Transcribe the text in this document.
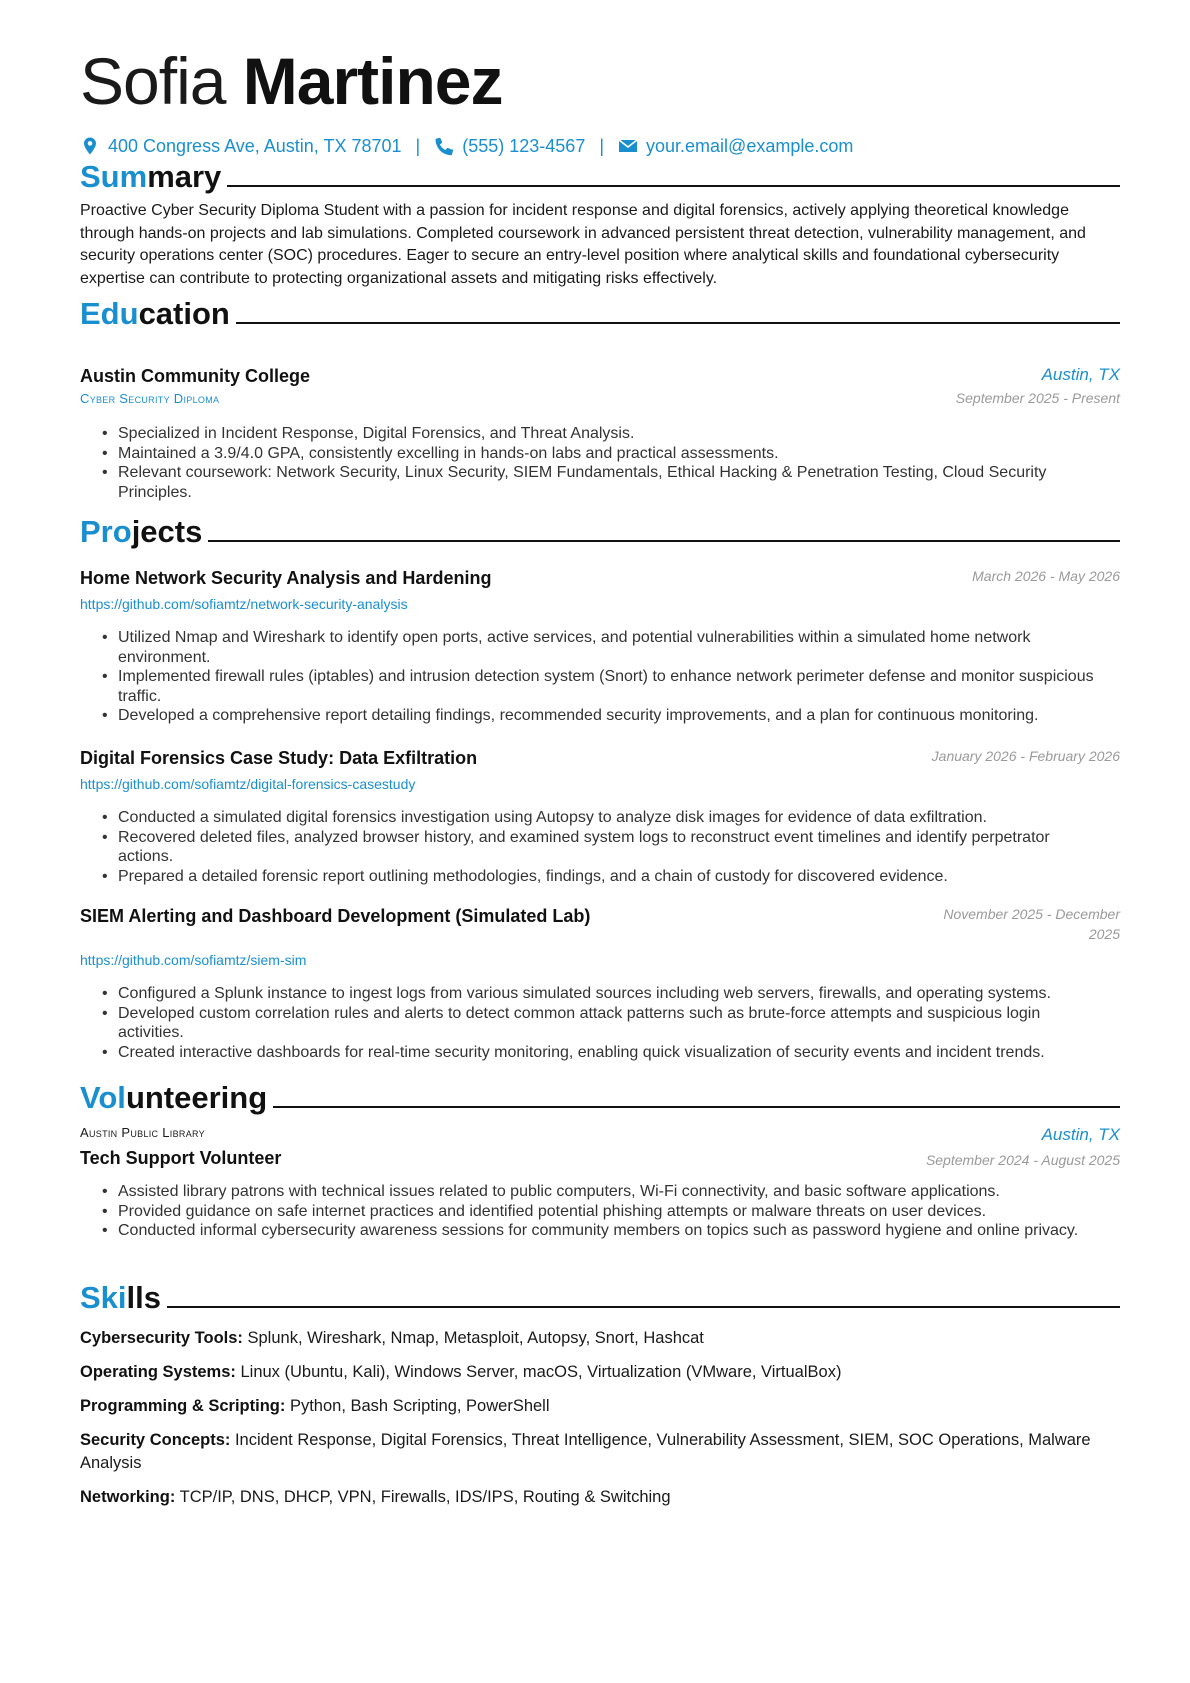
Sofia Martinez
400 Congress Ave, Austin, TX 78701 | (555) 123-4567 | your.email@example.com
Summary
Proactive Cyber Security Diploma Student with a passion for incident response and digital forensics, actively applying theoretical knowledge through hands-on projects and lab simulations. Completed coursework in advanced persistent threat detection, vulnerability management, and security operations center (SOC) procedures. Eager to secure an entry-level position where analytical skills and foundational cybersecurity expertise can contribute to protecting organizational assets and mitigating risks effectively.
Education
Austin Community College	Austin, TX
Cyber Security Diploma	September 2025 - Present
• Specialized in Incident Response, Digital Forensics, and Threat Analysis.
• Maintained a 3.9/4.0 GPA, consistently excelling in hands-on labs and practical assessments.
• Relevant coursework: Network Security, Linux Security, SIEM Fundamentals, Ethical Hacking & Penetration Testing, Cloud Security Principles.
Projects
Home Network Security Analysis and Hardening	March 2026 - May 2026
https://github.com/sofiamtz/network-security-analysis
• Utilized Nmap and Wireshark to identify open ports, active services, and potential vulnerabilities within a simulated home network environment.
• Implemented firewall rules (iptables) and intrusion detection system (Snort) to enhance network perimeter defense and monitor suspicious traffic.
• Developed a comprehensive report detailing findings, recommended security improvements, and a plan for continuous monitoring.
Digital Forensics Case Study: Data Exfiltration	January 2026 - February 2026
https://github.com/sofiamtz/digital-forensics-casestudy
• Conducted a simulated digital forensics investigation using Autopsy to analyze disk images for evidence of data exfiltration.
• Recovered deleted files, analyzed browser history, and examined system logs to reconstruct event timelines and identify perpetrator actions.
• Prepared a detailed forensic report outlining methodologies, findings, and a chain of custody for discovered evidence.
SIEM Alerting and Dashboard Development (Simulated Lab)	November 2025 - December 2025
https://github.com/sofiamtz/siem-sim
• Configured a Splunk instance to ingest logs from various simulated sources including web servers, firewalls, and operating systems.
• Developed custom correlation rules and alerts to detect common attack patterns such as brute-force attempts and suspicious login activities.
• Created interactive dashboards for real-time security monitoring, enabling quick visualization of security events and incident trends.
Volunteering
Austin Public Library	Austin, TX
Tech Support Volunteer	September 2024 - August 2025
• Assisted library patrons with technical issues related to public computers, Wi-Fi connectivity, and basic software applications.
• Provided guidance on safe internet practices and identified potential phishing attempts or malware threats on user devices.
• Conducted informal cybersecurity awareness sessions for community members on topics such as password hygiene and online privacy.
Skills
Cybersecurity Tools: Splunk, Wireshark, Nmap, Metasploit, Autopsy, Snort, Hashcat
Operating Systems: Linux (Ubuntu, Kali), Windows Server, macOS, Virtualization (VMware, VirtualBox)
Programming & Scripting: Python, Bash Scripting, PowerShell
Security Concepts: Incident Response, Digital Forensics, Threat Intelligence, Vulnerability Assessment, SIEM, SOC Operations, Malware Analysis
Networking: TCP/IP, DNS, DHCP, VPN, Firewalls, IDS/IPS, Routing & Switching
